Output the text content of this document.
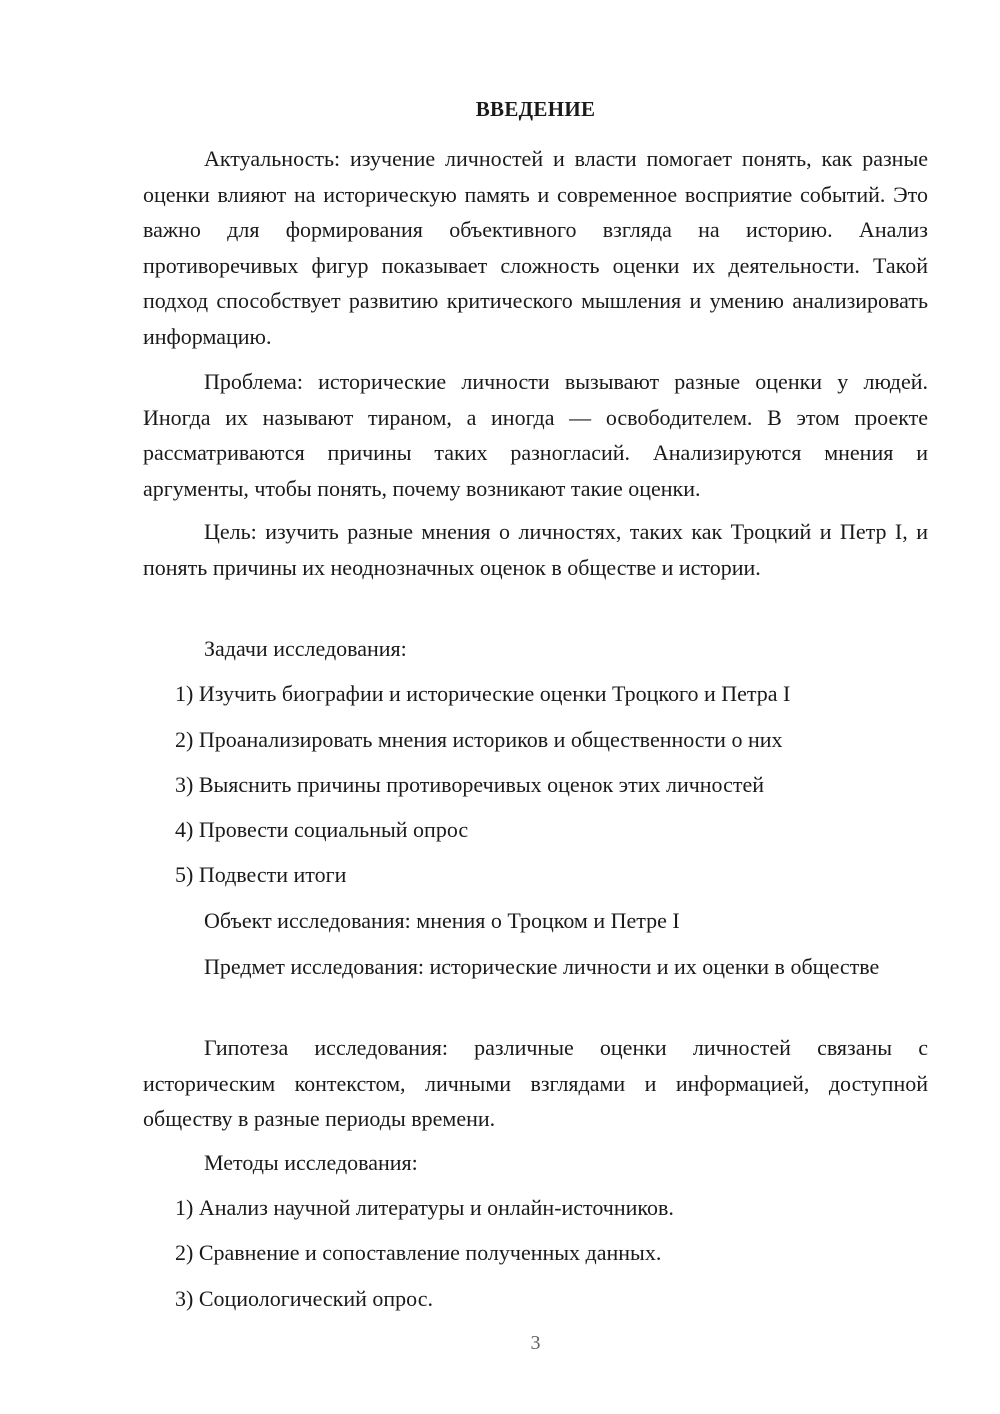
ВВЕДЕНИЕ
Актуальность: изучение личностей и власти помогает понять, как разные оценки влияют на историческую память и современное восприятие событий. Это важно для формирования объективного взгляда на историю. Анализ противоречивых фигур показывает сложность оценки их деятельности. Такой подход способствует развитию критического мышления и умению анализировать информацию.
Проблема: исторические личности вызывают разные оценки у людей. Иногда их называют тираном, а иногда — освободителем. В этом проекте рассматриваются причины таких разногласий. Анализируются мнения и аргументы, чтобы понять, почему возникают такие оценки.
Цель: изучить разные мнения о личностях, таких как Троцкий и Петр I, и понять причины их неоднозначных оценок в обществе и истории.
Задачи исследования:
1) Изучить биографии и исторические оценки Троцкого и Петра I
2) Проанализировать мнения историков и общественности о них
3) Выяснить причины противоречивых оценок этих личностей
4) Провести социальный опрос
5) Подвести итоги
Объект исследования: мнения о Троцком и Петре I
Предмет исследования: исторические личности и их оценки в обществе
Гипотеза исследования: различные оценки личностей связаны с историческим контекстом, личными взглядами и информацией, доступной обществу в разные периоды времени.
Методы исследования:
1) Анализ научной литературы и онлайн-источников.
2) Сравнение и сопоставление полученных данных.
3) Социологический опрос.
3
